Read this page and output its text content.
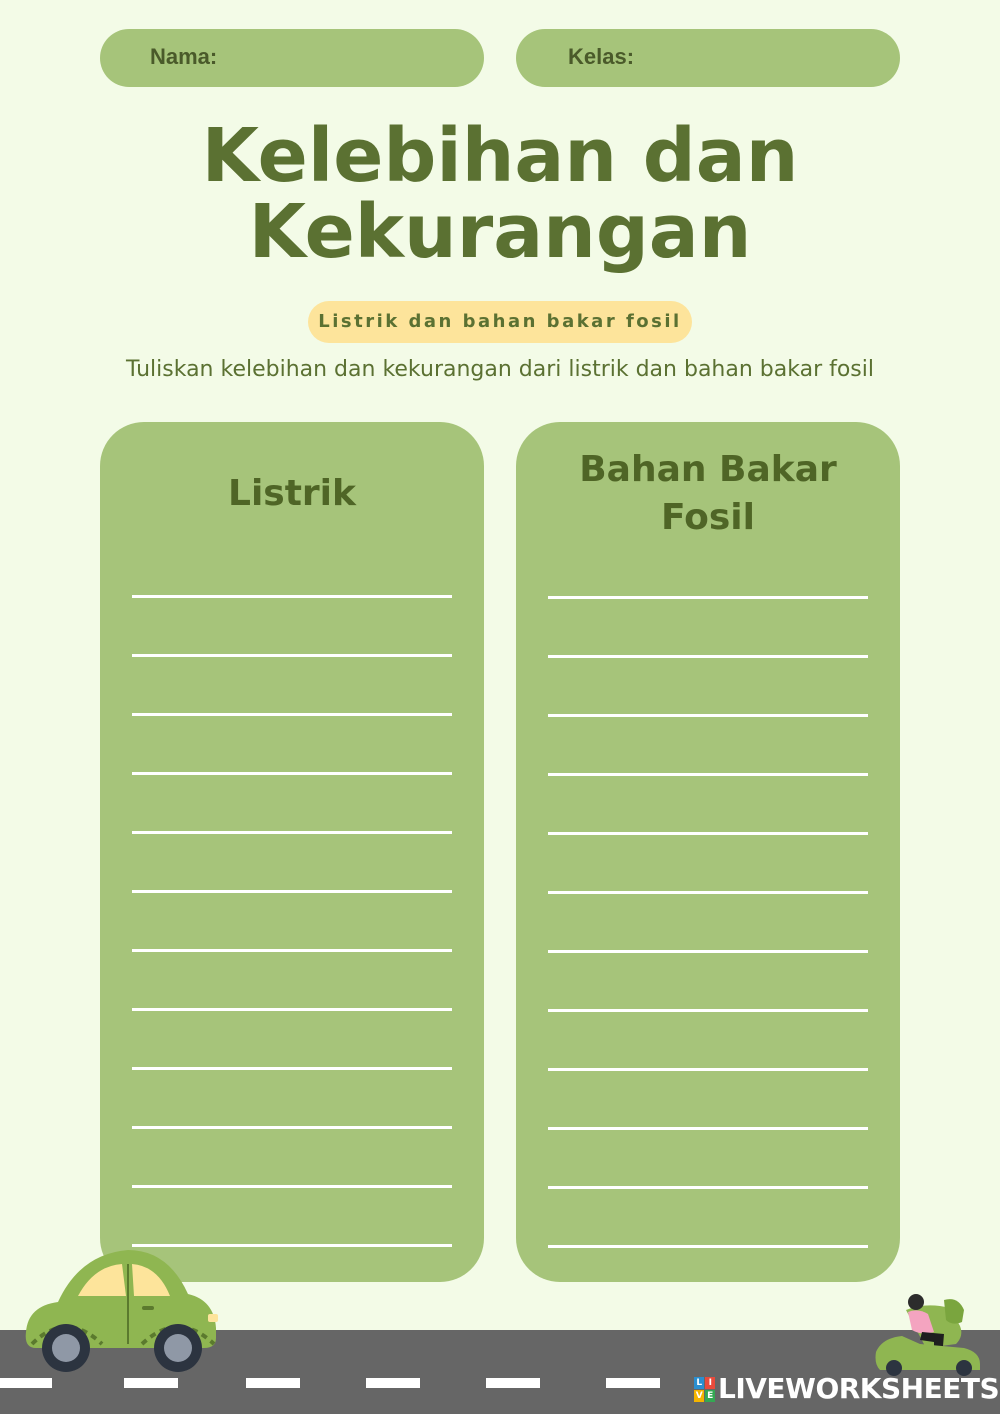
Nama:	Kelas:
Kelebihan dan
Kekurangan
Listrik dan bahan bakar fosil
Tuliskan kelebihan dan kekurangan dari listrik dan bahan bakar fosil
Listrik
Bahan Bakar
Fosil
L I
V E LIVEWORKSHEETS
